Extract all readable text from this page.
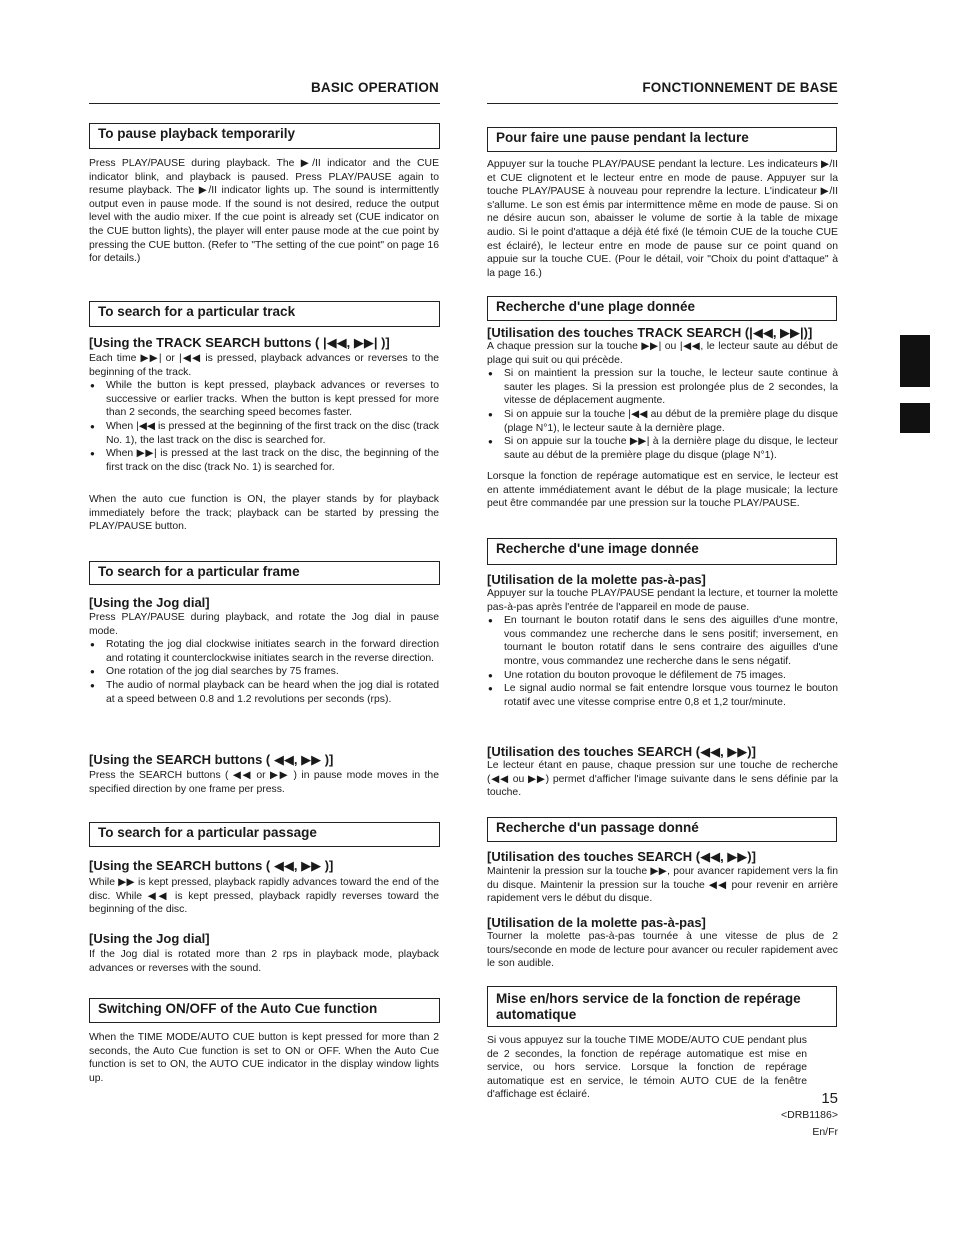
BASIC OPERATION	FONCTIONNEMENT DE BASE
To pause playback temporarily

Press PLAY/PAUSE during playback. The ▶/II indicator and the CUE indicator blink, and playback is paused. Press PLAY/PAUSE again to resume playback. The ▶/II indicator lights up. The sound is intermittently output even in pause mode. If the sound is not desired, reduce the output level with the audio mixer. If the cue point is already set (CUE indicator on the CUE button lights), the player will enter pause mode at the cue point by pressing the CUE button. (Refer to "The setting of the cue point" on page 16 for details.)

To search for a particular track
[Using the TRACK SEARCH buttons ( |◀◀, ▶▶| )]

Each time ▶▶| or |◀◀ is pressed, playback advances or reverses to the beginning of the track.

● While the button is kept pressed, playback advances or reverses to successive or earlier tracks. When the button is kept pressed for more than 2 seconds, the searching speed becomes faster.
● When |◀◀ is pressed at the beginning of the first track on the disc (track No. 1), the last track on the disc is searched for.
● When ▶▶| is pressed at the last track on the disc, the beginning of the first track on the disc (track No. 1) is searched for.

When the auto cue function is ON, the player stands by for playback immediately before the track; playback can be started by pressing the PLAY/PAUSE button.

To search for a particular frame
[Using the Jog dial]

Press PLAY/PAUSE during playback, and rotate the Jog dial in pause mode.

● Rotating the jog dial clockwise initiates search in the forward direction and rotating it counterclockwise initiates search in the reverse direction.
● One rotation of the jog dial searches by 75 frames.
● The audio of normal playback can be heard when the jog dial is rotated at a speed between 0.8 and 1.2 revolutions per seconds (rps).
[Using the SEARCH buttons ( ◀◀, ▶▶ )]

Press the SEARCH buttons ( ◀◀ or ▶▶ ) in pause mode moves in the specified direction by one frame per press.

To search for a particular passage
[Using the SEARCH buttons ( ◀◀, ▶▶ )]

While ▶▶ is kept pressed, playback rapidly advances toward the end of the disc. While ◀◀ is kept pressed, playback rapidly reverses toward the beginning of the disc.

[Using the Jog dial]

If the Jog dial is rotated more than 2 rps in playback mode, playback advances or reverses with the sound.

Switching ON/OFF of the Auto Cue function

When the TIME MODE/AUTO CUE button is kept pressed for more than 2 seconds, the Auto Cue function is set to ON or OFF. When the Auto Cue function is set to ON, the AUTO CUE indicator in the display window lights up.

Pour faire une pause pendant la lecture

Appuyer sur la touche PLAY/PAUSE pendant la lecture. Les indicateurs ▶/II et CUE clignotent et le lecteur entre en mode de pause. Appuyer sur la touche PLAY/PAUSE à nouveau pour reprendre la lecture. L'indicateur ▶/II s'allume. Le son est émis par intermittence même en mode de pause. Si on ne désire aucun son, abaisser le volume de sortie à la table de mixage audio. Si le point d'attaque a déjà été fixé (le témoin CUE de la touche CUE est éclairé), le lecteur entre en mode de pause sur ce point quand on appuie sur la touche CUE. (Pour le détail, voir "Choix du point d'attaque" à la page 16.)

Recherche d'une plage donnée
[Utilisation des touches TRACK SEARCH (|◀◀, ▶▶|)]

A chaque pression sur la touche ▶▶| ou |◀◀, le lecteur saute au début de plage qui suit ou qui précède.

● Si on maintient la pression sur la touche, le lecteur saute continue à sauter les plages. Si la pression est prolongée plus de 2 secondes, la vitesse de déplacement augmente.
● Si on appuie sur la touche |◀◀ au début de la première plage du disque (plage N°1), le lecteur saute à la dernière plage.
● Si on appuie sur la touche ▶▶| à la dernière plage du disque, le lecteur saute au début de la première plage du disque (plage N°1).

Lorsque la fonction de repérage automatique est en service, le lecteur est en attente immédiatement avant le début de la plage musicale; la lecture peut être commandée par une pression sur la touche PLAY/PAUSE.

Recherche d'une image donnée
[Utilisation de la molette pas-à-pas]

Appuyer sur la touche PLAY/PAUSE pendant la lecture, et tourner la molette pas-à-pas après l'entrée de l'appareil en mode de pause.

● En tournant le bouton rotatif dans le sens des aiguilles d'une montre, vous commandez une recherche dans le sens positif; inversement, en tournant le bouton rotatif dans le sens contraire des aiguilles d'une montre, vous commandez une recherche dans le sens négatif.
● Une rotation du bouton provoque le défilement de 75 images.
● Le signal audio normal se fait entendre lorsque vous tournez le bouton rotatif avec une vitesse comprise entre 0,8 et 1,2 tour/minute.
[Utilisation des touches SEARCH (◀◀, ▶▶)]

Le lecteur étant en pause, chaque pression sur une touche de recherche (◀◀ ou ▶▶) permet d'afficher l'image suivante dans le sens définie par la touche.

Recherche d'un passage donné
[Utilisation des touches SEARCH (◀◀, ▶▶)]

Maintenir la pression sur la touche ▶▶, pour avancer rapidement vers la fin du disque. Maintenir la pression sur la touche ◀◀ pour revenir en arrière rapidement vers le début du disque.

[Utilisation de la molette pas-à-pas]

Tourner la molette pas-à-pas tournée à une vitesse de plus de 2 tours/seconde en mode de lecture pour avancer ou reculer rapidement avec le son audible.

Mise en/hors service de la fonction de repérage automatique

Si vous appuyez sur la touche TIME MODE/AUTO CUE pendant plus de 2 secondes, la fonction de repérage automatique est mise en service, ou hors service. Lorsque la fonction de repérage automatique est en service, le témoin AUTO CUE de la fenêtre d'affichage est éclairé.	15
<DRB1186>
En/Fr
